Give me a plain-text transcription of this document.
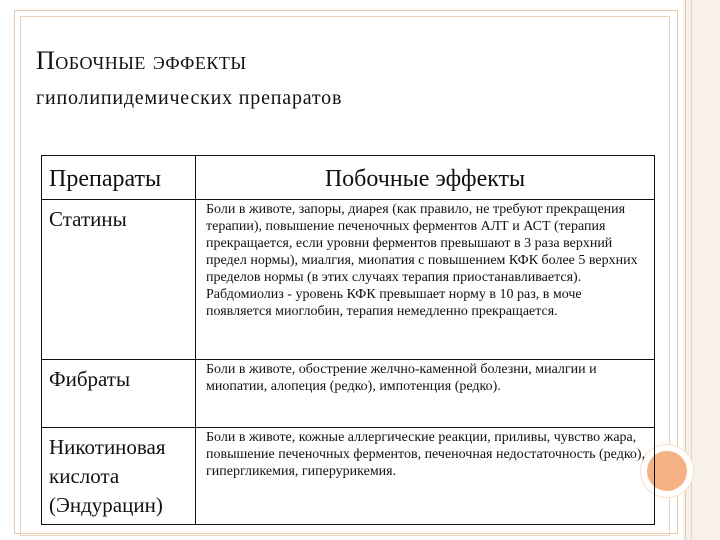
Побочные эффекты
гиполипидемических препаратов
Препараты	Побочные эффекты
Статины	Боли в животе, запоры, диарея (как правило, не требуют прекращения терапии), повышение печеночных ферментов АЛТ и АСТ (терапия прекращается, если уровни ферментов превышают в 3 раза верхний предел нормы), миалгия, миопатия с повышением КФК более 5 верхних пределов нормы (в этих случаях терапия приостанавливается). Рабдомиолиз - уровень КФК превышает норму в 10 раз, в моче появляется миоглобин, терапия немедленно прекращается.
Фибраты	Боли в животе, обострение желчно-каменной болезни, миалгии и миопатии, алопеция (редко), импотенция (редко).
Никотиновая кислота (Эндурацин)	Боли в животе, кожные аллергические реакции, приливы, чувство жара, повышение печеночных ферментов, печеночная недостаточность (редко), гипергликемия, гиперурикемия.
